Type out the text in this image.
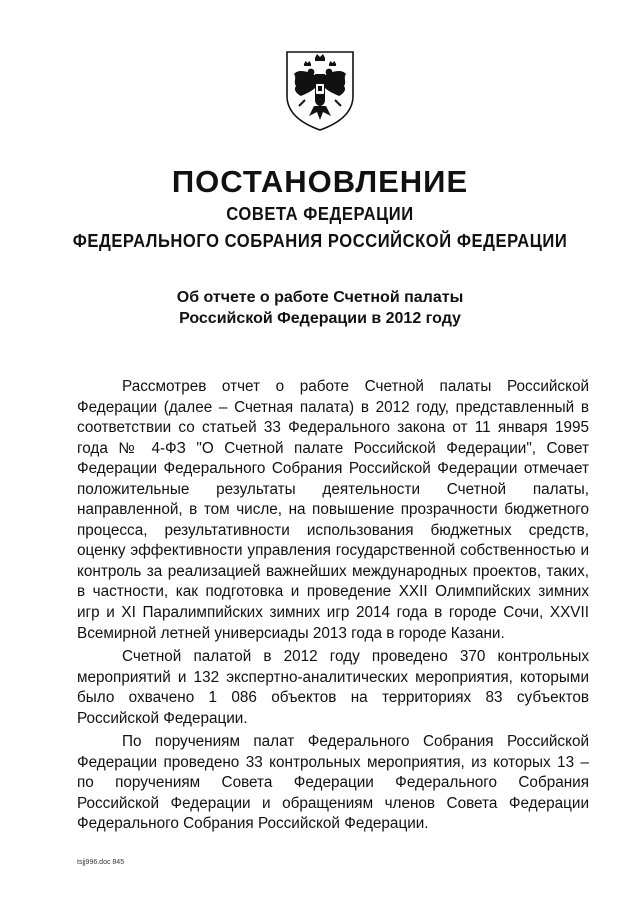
ПОСТАНОВЛЕНИЕ
СОВЕТА ФЕДЕРАЦИИ
ФЕДЕРАЛЬНОГО СОБРАНИЯ РОССИЙСКОЙ ФЕДЕРАЦИИ
Об отчете о работе Счетной палаты
Российской Федерации в 2012 году

Рассмотрев отчет о работе Счетной палаты Российской Федерации (далее – Счетная палата) в 2012 году, представленный в соответствии со статьей 33 Федерального закона от 11 января 1995 года № 4-ФЗ "О Счетной палате Российской Федерации", Совет Федерации Федерального Собрания Российской Федерации отмечает положительные результаты деятельности Счетной палаты, направленной, в том числе, на повышение прозрачности бюджетного процесса, результативности использования бюджетных средств, оценку эффективности управления государственной собственностью и контроль за реализацией важнейших международных проектов, таких, в частности, как подготовка и проведение XXII Олимпийских зимних игр и XI Паралимпийских зимних игр 2014 года в городе Сочи, XXVII Всемирной летней универсиады 2013 года в городе Казани.

Счетной палатой в 2012 году проведено 370 контрольных мероприятий и 132 экспертно-аналитических мероприятия, которыми было охвачено 1 086 объектов на территориях 83 субъектов Российской Федерации.

По поручениям палат Федерального Собрания Российской Федерации проведено 33 контрольных мероприятия, из которых 13 – по поручениям Совета Федерации Федерального Собрания Российской Федерации и обращениям членов Совета Федерации Федерального Собрания Российской Федерации.

tsjj996.doc 845
